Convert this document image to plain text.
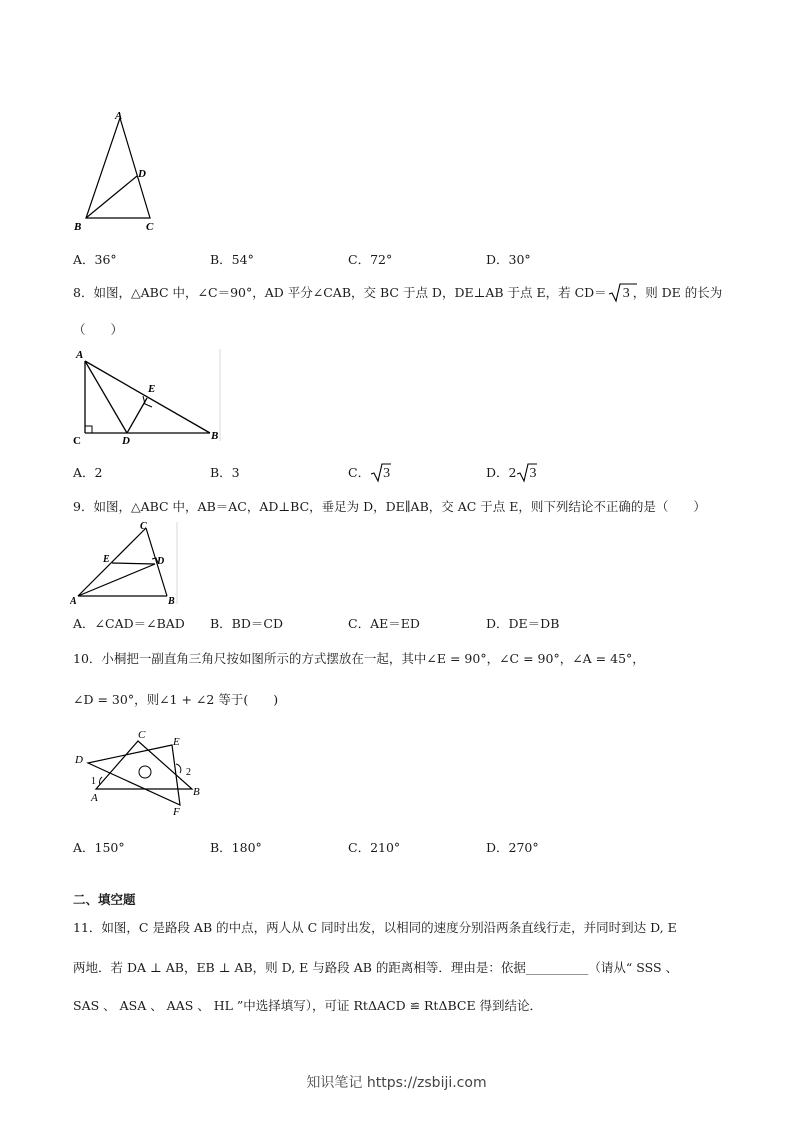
A
D
B	C
A．36°	B．54°	C．72°	D．30°
8．如图，△ABC 中，∠C＝90°，AD 平分∠CAB，交 BC 于点 D，DE⊥AB 于点 E，若 CD＝ 3 ，则 DE 的长为
（　　）
A
E
C	D	B
A．2	B．3	C． 3	D．2 3
9．如图，△ABC 中，AB＝AC，AD⊥BC，垂足为 D，DE∥AB，交 AC 于点 E，则下列结论不正确的是（　　）
C
E	D
A	B
A．∠CAD＝∠BAD B．BD＝CD	C．AE＝ED	D．DE＝DB
10．小桐把一副直角三角尺按如图所示的方式摆放在一起，其中∠E = 90°，∠C = 90°，∠A = 45°，
∠D = 30°，则∠1 + ∠2 等于(　　)
C
E
D
1
2
A	B
F
A．150°	B．180°	C．210°	D．270°
二、填空题
11．如图，C 是路段 AB 的中点，两人从 C 同时出发，以相同的速度分别沿两条直线行走，并同时到达 D, E
两地．若 DA ⊥ AB，EB ⊥ AB，则 D, E 与路段 AB 的距离相等．理由是：依据__________（请从“ SSS 、
SAS 、 ASA 、 AAS 、 HL ”中选择填写），可证 RtΔACD ≌ RtΔBCE 得到结论．
知识笔记 https://zsbiji.com
